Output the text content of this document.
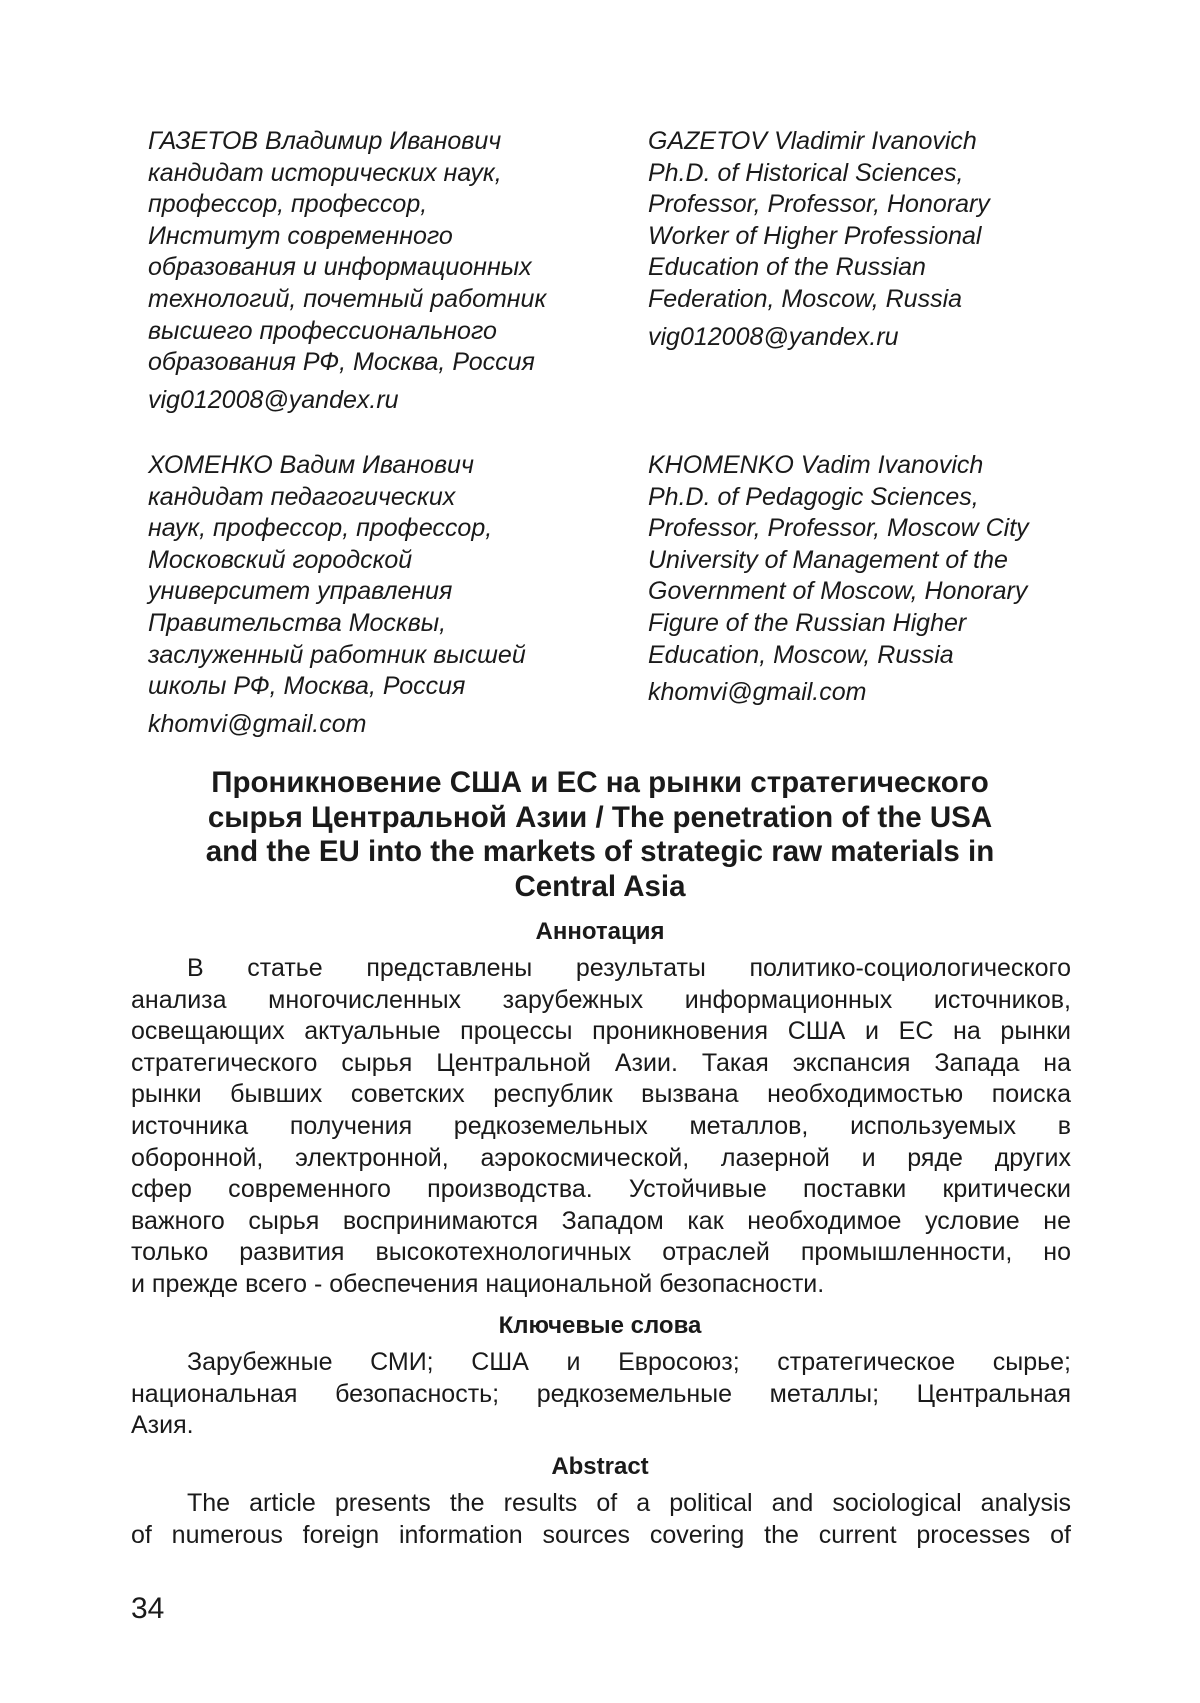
ГАЗЕТОВ Владимир Иванович
кандидат исторических наук,
профессор, профессор,
Институт современного
образования и информационных
технологий, почетный работник
высшего профессионального
образования РФ, Москва, Россия
vig012008@yandex.ru
GAZETOV Vladimir Ivanovich
Ph.D. of Historical Sciences,
Professor, Professor, Honorary
Worker of Higher Professional
Education of the Russian
Federation, Moscow, Russia
vig012008@yandex.ru
ХОМЕНКО Вадим Иванович
кандидат педагогических
наук, профессор, профессор,
Московский городской
университет управления
Правительства Москвы,
заслуженный работник высшей
школы РФ, Москва, Россия
khomvi@gmail.com
KHOMENKO Vadim Ivanovich
Ph.D. of Pedagogic Sciences,
Professor, Professor, Moscow City
University of Management of the
Government of Moscow, Honorary
Figure of the Russian Higher
Education, Moscow, Russia
khomvi@gmail.com
Проникновение США и ЕС на рынки стратегического
сырья Центральной Азии / The penetration of the USA
and the EU into the markets of strategic raw materials in
Central Asia
Аннотация
В статье представлены результаты политико-социологического
анализа многочисленных зарубежных информационных источников,
освещающих актуальные процессы проникновения США и ЕС на рынки
стратегического сырья Центральной Азии. Такая экспансия Запада на
рынки бывших советских республик вызвана необходимостью поиска
источника получения редкоземельных металлов, используемых в
оборонной, электронной, аэрокосмической, лазерной и ряде других
сфер современного производства. Устойчивые поставки критически
важного сырья воспринимаются Западом как необходимое условие не
только развития высокотехнологичных отраслей промышленности, но
и прежде всего - обеспечения национальной безопасности.
Ключевые слова
Зарубежные СМИ; США и Евросоюз; стратегическое сырье;
национальная безопасность; редкоземельные металлы; Центральная
Азия.
Abstract
The article presents the results of a political and sociological analysis
of numerous foreign information sources covering the current processes of
34
